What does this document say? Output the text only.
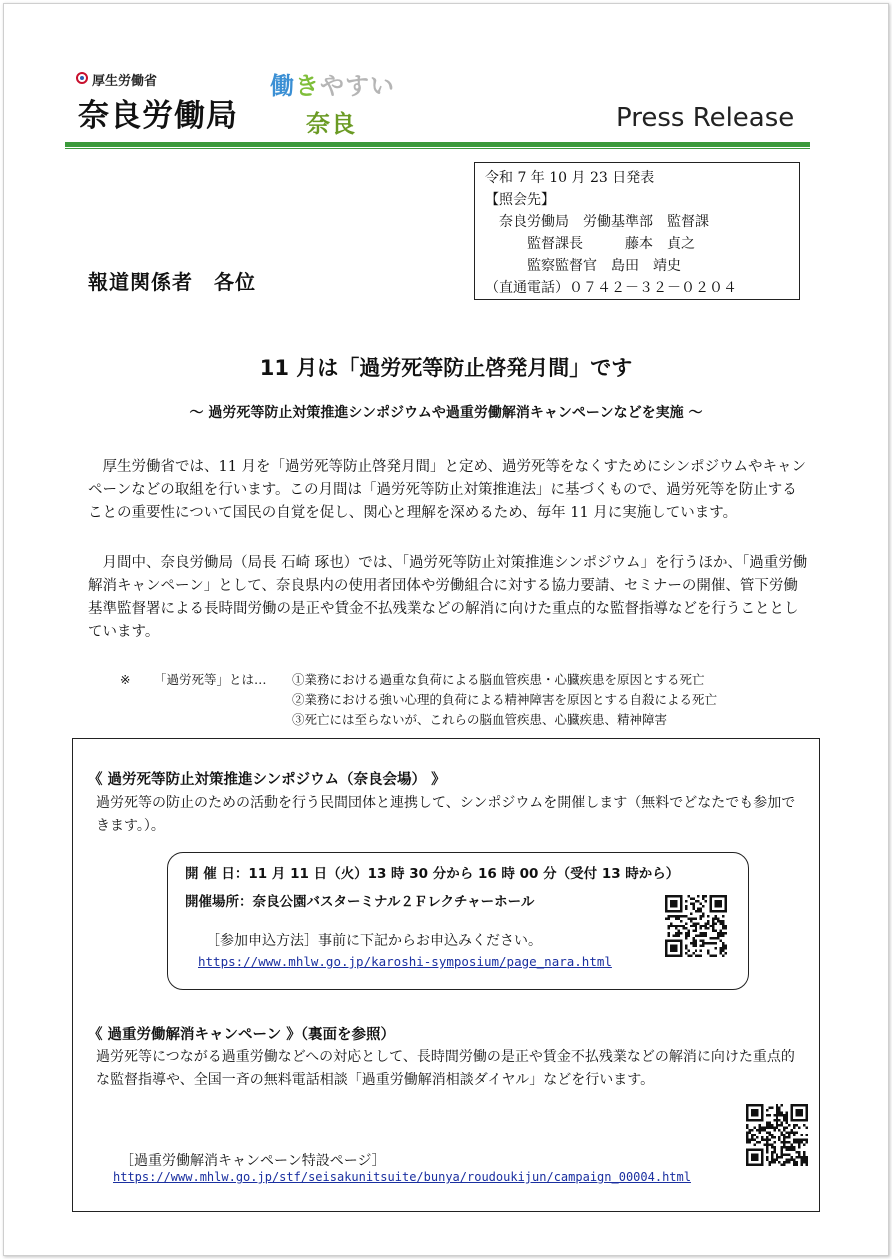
厚生労働省
奈良労働局
働きやすい
奈良	Press Release
令和 7 年 10 月 23 日発表
【照会先】
　奈良労働局　労働基準部　監督課
　　　監督課長　　　藤本　貞之
　　　監察監督官　島田　靖史
（直通電話）０７４２－３２－０２０４
報道関係者　各位
11 月は「過労死等防止啓発月間」です
～ 過労死等防止対策推進シンポジウムや過重労働解消キャンペーンなどを実施 ～
　厚生労働省では、11 月を「過労死等防止啓発月間」と定め、過労死等をなくすためにシンポジウムやキャンペーンなどの取組を行います。この月間は「過労死等防止対策推進法」に基づくもので、過労死等を防止することの重要性について国民の自覚を促し、関心と理解を深めるため、毎年 11 月に実施しています。
　月間中、奈良労働局（局長 石崎 琢也）では、「過労死等防止対策推進シンポジウム」を行うほか、「過重労働解消キャンペーン」として、奈良県内の使用者団体や労働組合に対する協力要請、セミナーの開催、管下労働基準監督署による長時間労働の是正や賃金不払残業などの解消に向けた重点的な監督指導などを行うこととしています。
※	「過労死等」とは…	①業務における過重な負荷による脳血管疾患・心臓疾患を原因とする死亡
②業務における強い心理的負荷による精神障害を原因とする自殺による死亡
③死亡には至らないが、これらの脳血管疾患、心臓疾患、精神障害
《 過労死等防止対策推進シンポジウム（奈良会場） 》
過労死等の防止のための活動を行う民間団体と連携して、シンポジウムを開催します（無料でどなたでも参加できます。）。
開 催 日：11 月 11 日（火）13 時 30 分から 16 時 00 分（受付 13 時から）
開催場所：奈良公園バスターミナル２Ｆレクチャーホール
［参加申込方法］事前に下記からお申込みください。
https://www.mhlw.go.jp/karoshi-symposium/page_nara.html
《 過重労働解消キャンペーン 》（裏面を参照）
過労死等につながる過重労働などへの対応として、長時間労働の是正や賃金不払残業などの解消に向けた重点的な監督指導や、全国一斉の無料電話相談「過重労働解消相談ダイヤル」などを行います。
［過重労働解消キャンペーン特設ページ］
https://www.mhlw.go.jp/stf/seisakunitsuite/bunya/roudoukijun/campaign_00004.html
